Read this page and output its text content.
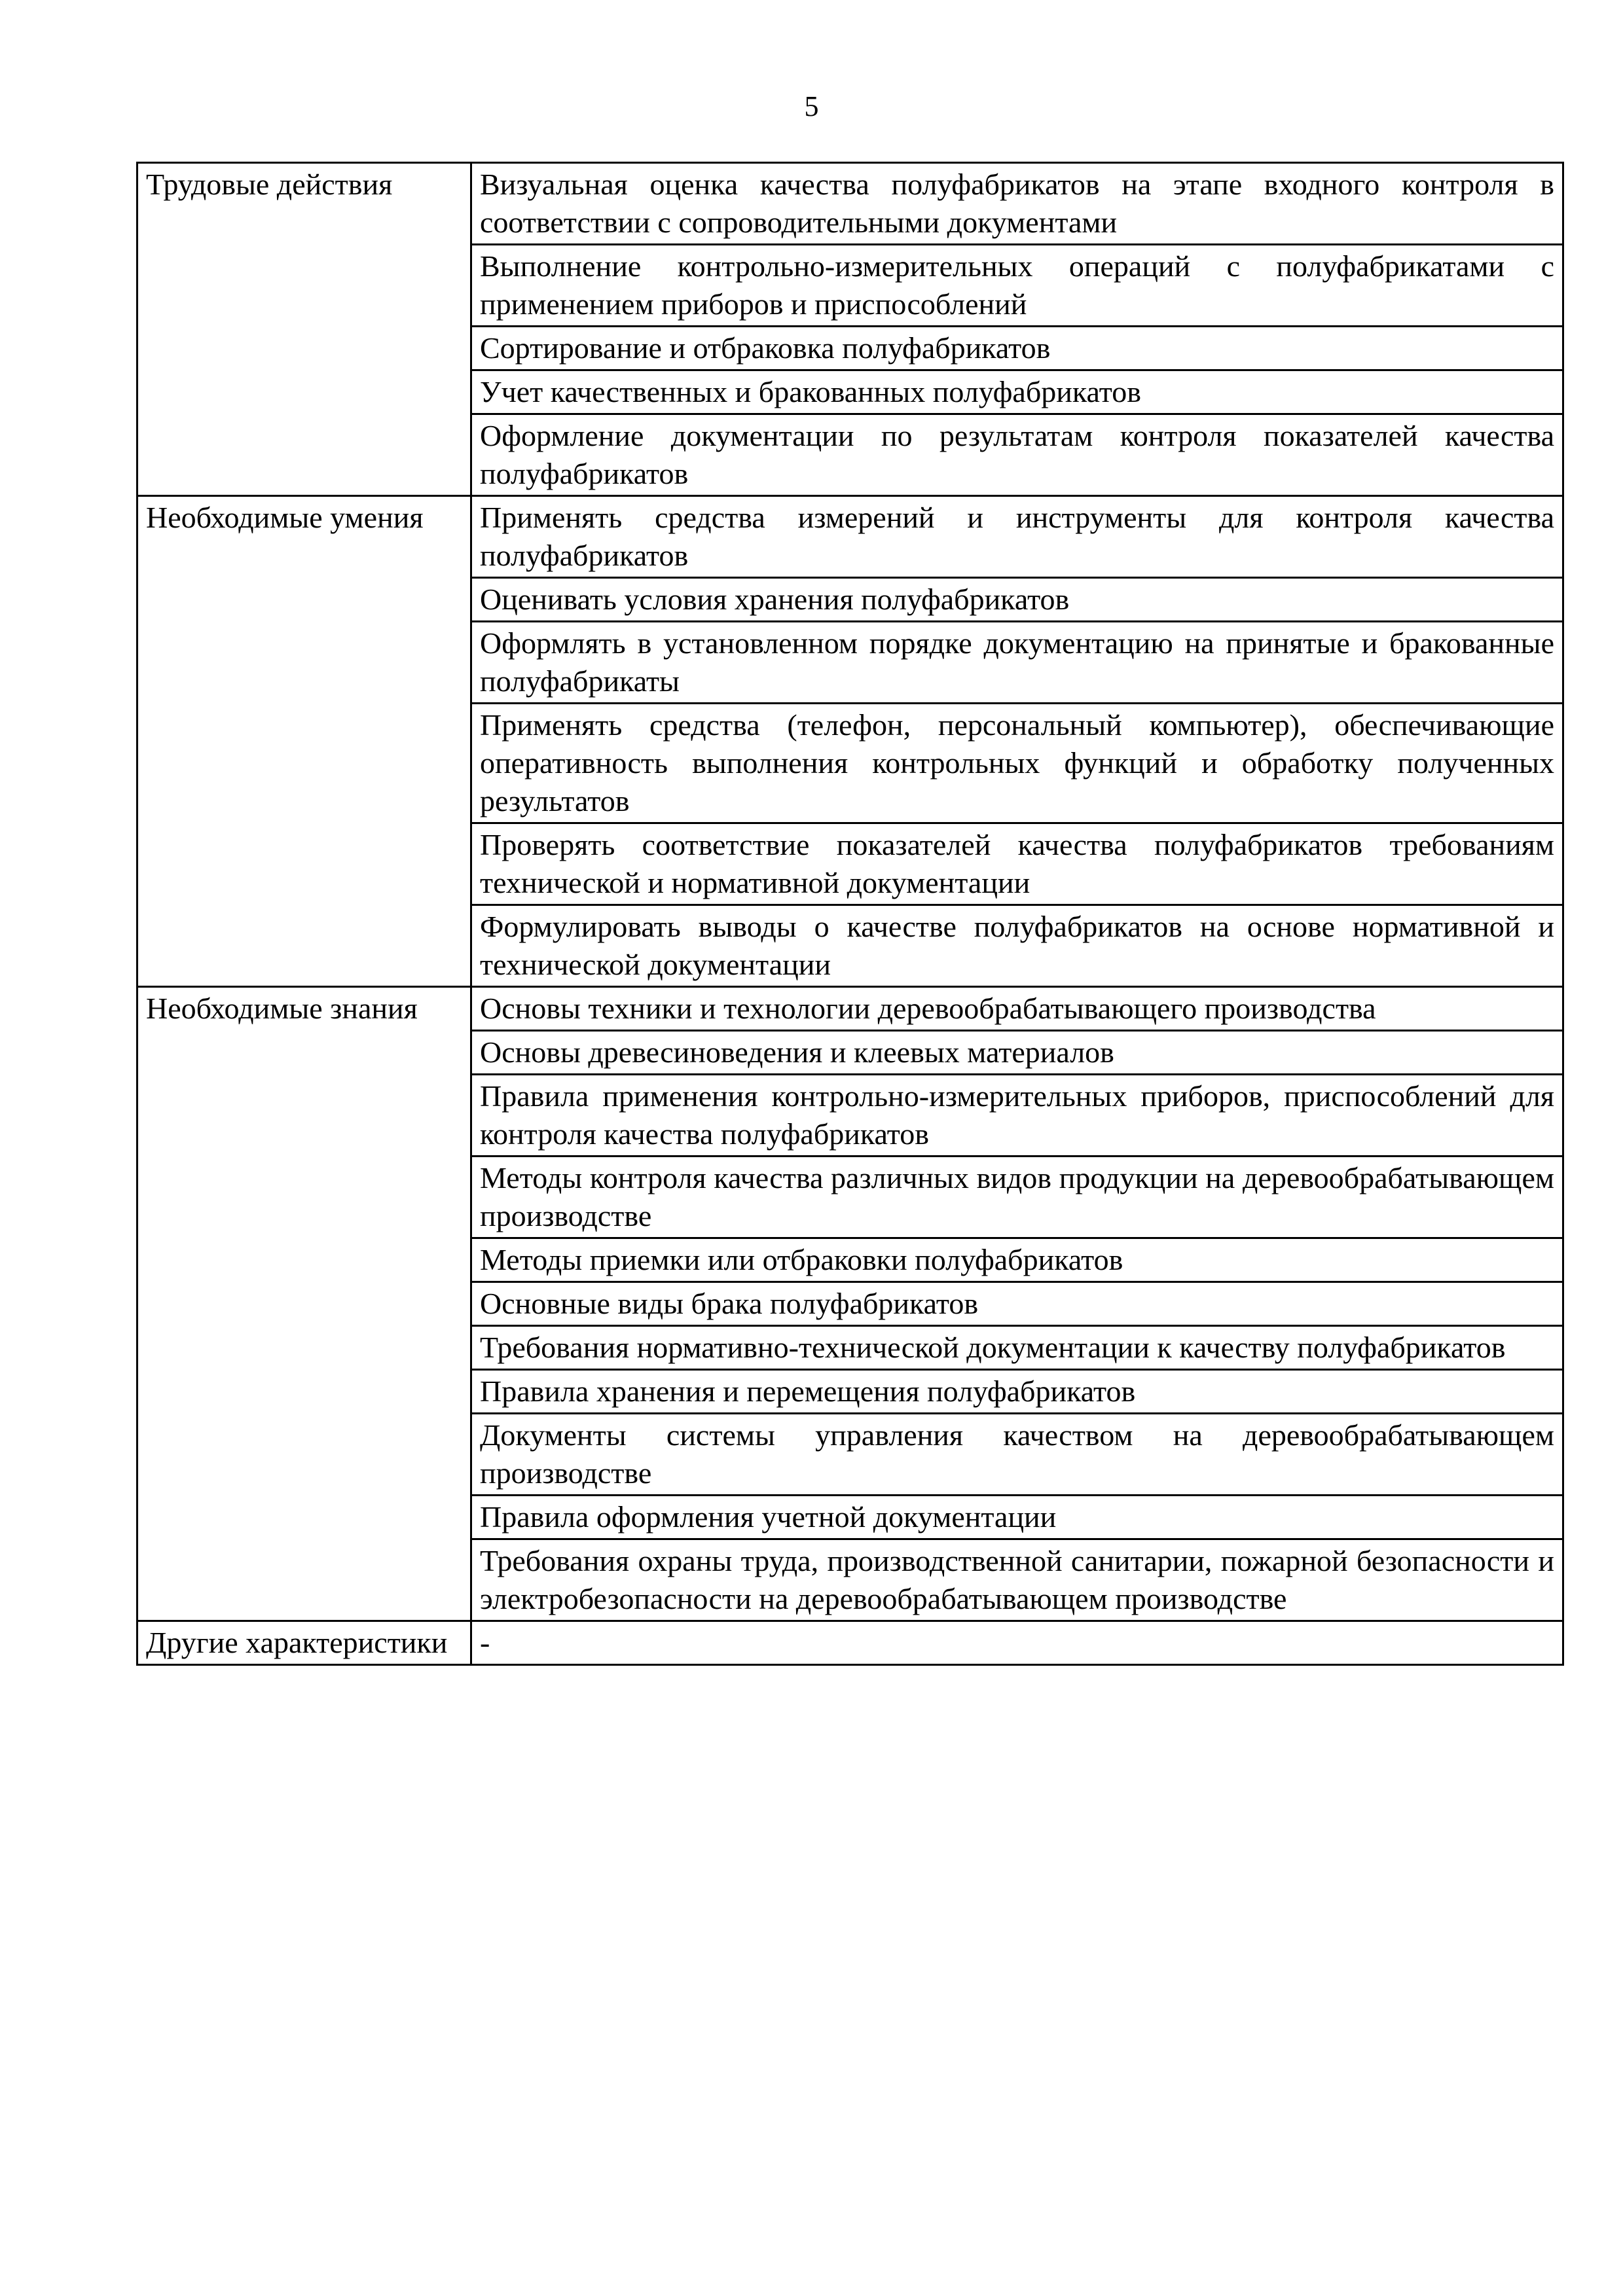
5
Трудовые действия	Визуальная оценка качества полуфабрикатов на этапе входного контроля в соответствии с сопроводительными документами
	Выполнение контрольно-измерительных операций с полуфабрикатами с применением приборов и приспособлений
	Сортирование и отбраковка полуфабрикатов
	Учет качественных и бракованных полуфабрикатов
	Оформление документации по результатам контроля показателей качества полуфабрикатов
Необходимые умения	Применять средства измерений и инструменты для контроля качества полуфабрикатов
	Оценивать условия хранения полуфабрикатов
	Оформлять в установленном порядке документацию на принятые и бракованные полуфабрикаты
	Применять средства (телефон, персональный компьютер), обеспечивающие оперативность выполнения контрольных функций и обработку полученных результатов
	Проверять соответствие показателей качества полуфабрикатов требованиям технической и нормативной документации
	Формулировать выводы о качестве полуфабрикатов на основе нормативной и технической документации
Необходимые знания	Основы техники и технологии деревообрабатывающего производства
	Основы древесиноведения и клеевых материалов
	Правила применения контрольно-измерительных приборов, приспособлений для контроля качества полуфабрикатов
	Методы контроля качества различных видов продукции на деревообрабатывающем производстве
	Методы приемки или отбраковки полуфабрикатов
	Основные виды брака полуфабрикатов
	Требования нормативно-технической документации к качеству полуфабрикатов
	Правила хранения и перемещения полуфабрикатов
	Документы системы управления качеством на деревообрабатывающем производстве
	Правила оформления учетной документации
	Требования охраны труда, производственной санитарии, пожарной безопасности и электробезопасности на деревообрабатывающем производстве
Другие характеристики	-
